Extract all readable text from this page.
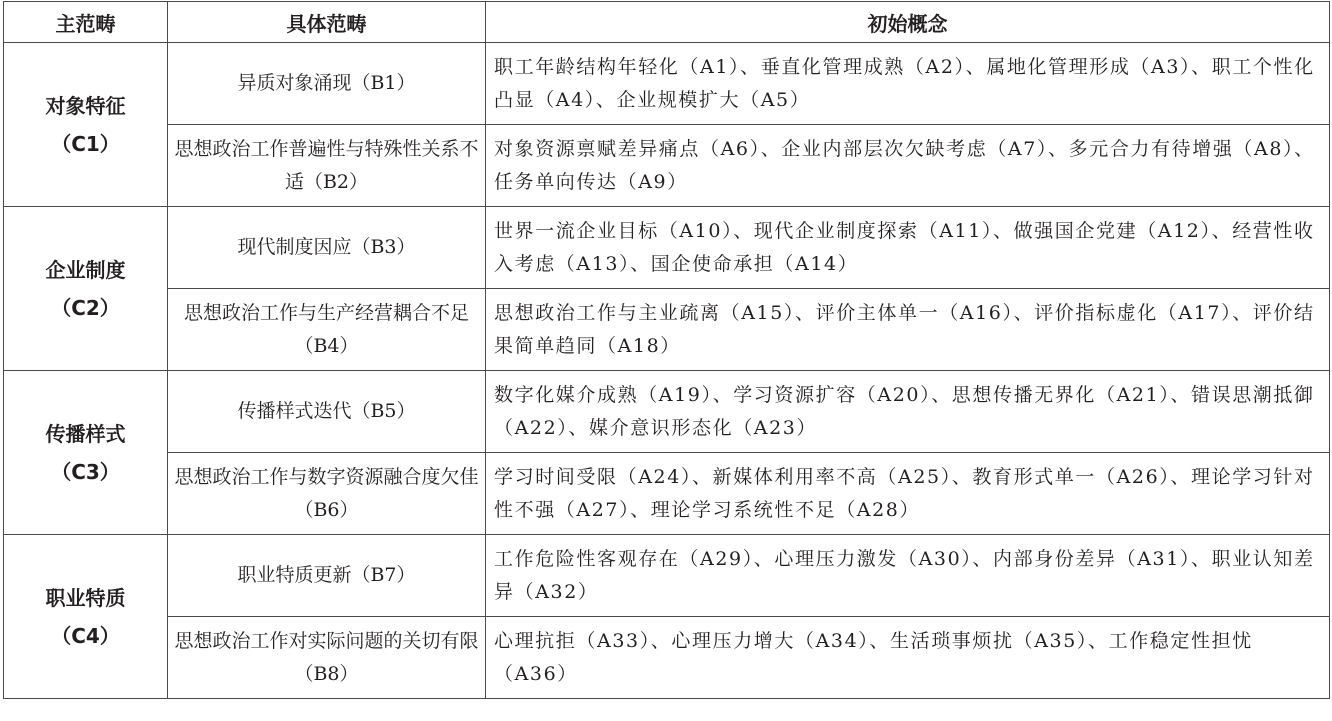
主范畴	具体范畴	初始概念

对象特征
（C1）	异质对象涌现（B1）	职工年龄结构年轻化（A1）、垂直化管理成熟（A2）、属地化管理形成（A3）、职工个性化凸显（A4）、企业规模扩大（A5）
	思想政治工作普遍性与特殊性关系不适（B2）	对象资源禀赋差异痛点（A6）、企业内部层次欠缺考虑（A7）、多元合力有待增强（A8）、任务单向传达（A9）

企业制度
（C2）	现代制度因应（B3）	世界一流企业目标（A10）、现代企业制度探索（A11）、做强国企党建（A12）、经营性收入考虑（A13）、国企使命承担（A14）
	思想政治工作与生产经营耦合不足（B4）	思想政治工作与主业疏离（A15）、评价主体单一（A16）、评价指标虚化（A17）、评价结果简单趋同（A18）

传播样式
（C3）	传播样式迭代（B5）	数字化媒介成熟（A19）、学习资源扩容（A20）、思想传播无界化（A21）、错误思潮抵御（A22）、媒介意识形态化（A23）
	思想政治工作与数字资源融合度欠佳（B6）	学习时间受限（A24）、新媒体利用率不高（A25）、教育形式单一（A26）、理论学习针对性不强（A27）、理论学习系统性不足（A28）

职业特质
（C4）	职业特质更新（B7）	工作危险性客观存在（A29）、心理压力激发（A30）、内部身份差异（A31）、职业认知差异（A32）
	思想政治工作对实际问题的关切有限（B8）	心理抗拒（A33）、心理压力增大（A34）、生活琐事烦扰（A35）、工作稳定性担忧（A36）
